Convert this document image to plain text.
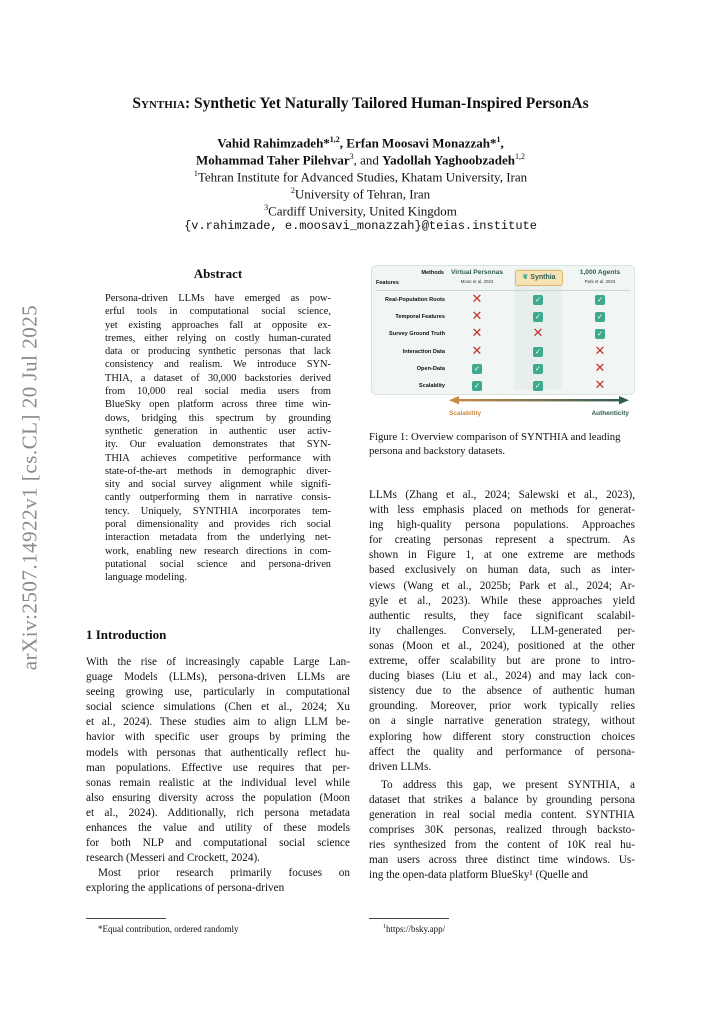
Synthia: Synthetic Yet Naturally Tailored Human-Inspired PersonAs
Vahid Rahimzadeh*$^{1,2}$, Erfan Moosavi Monazzah*$^1$,
Mohammad Taher Pilehvar$^3$, and Yadollah Yaghoobzadeh$^{1,2}$
$^1$Tehran Institute for Advanced Studies, Khatam University, Iran
$^2$University of Tehran, Iran
$^3$Cardiff University, United Kingdom
{v.rahimzade, e.moosavi_monazzah}@teias.institute
arXiv:2507.14922v1 [cs.CL] 20 Jul 2025
Abstract
Persona-driven LLMs have emerged as pow-
erful tools in computational social science,
yet existing approaches fall at opposite ex-
tremes, either relying on costly human-curated
data or producing synthetic personas that lack
consistency and realism. We introduce SYN-
THIA, a dataset of 30,000 backstories derived
from 10,000 real social media users from
BlueSky open platform across three time win-
dows, bridging this spectrum by grounding
synthetic generation in authentic user activ-
ity. Our evaluation demonstrates that SYN-
THIA achieves competitive performance with
state-of-the-art methods in demographic diver-
sity and social survey alignment while signifi-
cantly outperforming them in narrative consis-
tency. Uniquely, SYNTHIA incorporates tem-
poral dimensionality and provides rich social
interaction metadata from the underlying net-
work, enabling new research directions in com-
putational social science and persona-driven
language modeling.
1 Introduction
With the rise of increasingly capable Large Lan-
guage Models (LLMs), persona-driven LLMs are
seeing growing use, particularly in computational
social science simulations (Chen et al., 2024; Xu
et al., 2024). These studies aim to align LLM be-
havior with specific user groups by priming the
models with personas that authentically reflect hu-
man populations. Effective use requires that per-
sonas remain realistic at the individual level while
also ensuring diversity across the population (Moon
et al., 2024). Additionally, rich persona metadata
enhances the value and utility of these models
for both NLP and computational social science
research (Messeri and Crockett, 2024).
Most prior research primarily focuses on
exploring the applications of persona-driven
*Equal contribution, ordered randomly
Methods
Features
Virtual Personas
Moon et al, 2024
❦ Synthia
1,000 Agents
Park et al, 2024
Real-Population Roots ✕	✓	✓
Temporal Features ✕	✓	✓
Survey Ground Truth ✕	✕	✓
Interaction Data ✕	✓	✕
Open-Data	✓	✓	✕
Scalablity	✓	✓	✕
Scalability	Authenticity
Figure 1: Overview comparison of SYNTHIA and leading persona and backstory datasets.
LLMs (Zhang et al., 2024; Salewski et al., 2023),
with less emphasis placed on methods for generat-
ing high-quality persona populations. Approaches
for creating personas represent a spectrum. As
shown in Figure 1, at one extreme are methods
based exclusively on human data, such as inter-
views (Wang et al., 2025b; Park et al., 2024; Ar-
gyle et al., 2023). While these approaches yield
authentic results, they face significant scalabil-
ity challenges. Conversely, LLM-generated per-
sonas (Moon et al., 2024), positioned at the other
extreme, offer scalability but are prone to intro-
ducing biases (Liu et al., 2024) and may lack con-
sistency due to the absence of authentic human
grounding. Moreover, prior work typically relies
on a single narrative generation strategy, without
exploring how different story construction choices
affect the quality and performance of persona-
driven LLMs.
To address this gap, we present SYNTHIA, a
dataset that strikes a balance by grounding persona
generation in real social media content. SYNTHIA
comprises 30K personas, realized through backsto-
ries synthesized from the content of 10K real hu-
man users across three distinct time windows. Us-
ing the open-data platform BlueSky¹ (Quelle and
$^1$https://bsky.app/
